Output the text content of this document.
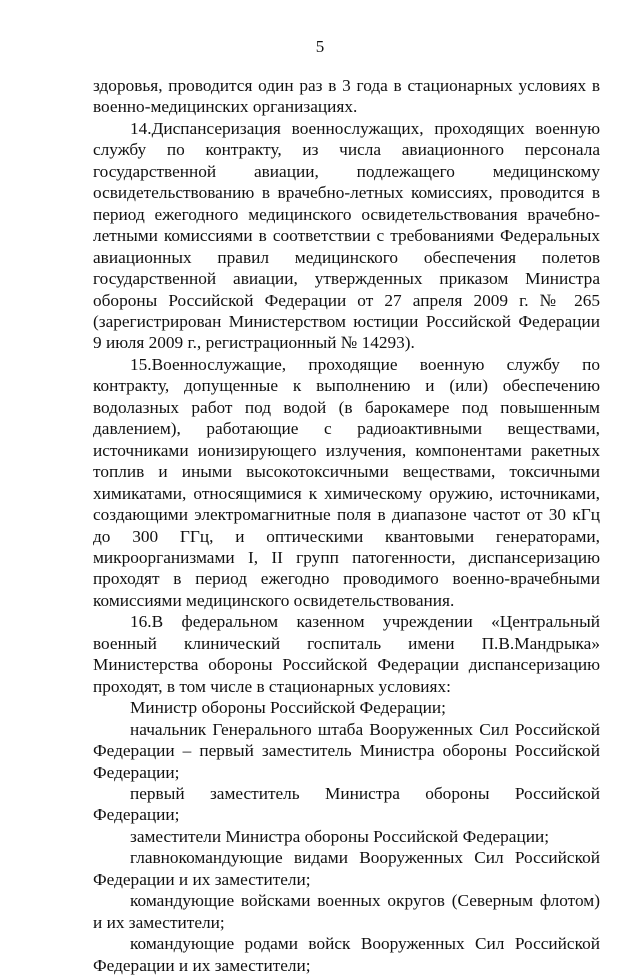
5

здоровья, проводится один раз в 3 года в стационарных условиях в военно-медицинских организациях.

14.Диспансеризация военнослужащих, проходящих военную службу по контракту, из числа авиационного персонала государственной авиации, подлежащего медицинскому освидетельствованию в врачебно-летных комиссиях, проводится в период ежегодного медицинского освидетельствования врачебно-летными комиссиями в соответствии с требованиями Федеральных авиационных правил медицинского обеспечения полетов государственной авиации, утвержденных приказом Министра обороны Российской Федерации от 27 апреля 2009 г. № 265 (зарегистрирован Министерством юстиции Российской Федерации 9 июля 2009 г., регистрационный № 14293).

15.Военнослужащие, проходящие военную службу по контракту, допущенные к выполнению и (или) обеспечению водолазных работ под водой (в барокамере под повышенным давлением), работающие с радиоактивными веществами, источниками ионизирующего излучения, компонентами ракетных топлив и иными высокотоксичными веществами, токсичными химикатами, относящимися к химическому оружию, источниками, создающими электромагнитные поля в диапазоне частот от 30 кГц до 300 ГГц, и оптическими квантовыми генераторами, микроорганизмами I, II групп патогенности, диспансеризацию проходят в период ежегодно проводимого военно-врачебными комиссиями медицинского освидетельствования.

16.В федеральном казенном учреждении «Центральный военный клинический госпиталь имени П.В.Мандрыка» Министерства обороны Российской Федерации диспансеризацию проходят, в том числе в стационарных условиях:

Министр обороны Российской Федерации;

начальник Генерального штаба Вооруженных Сил Российской Федерации – первый заместитель Министра обороны Российской Федерации;

первый заместитель Министра обороны Российской Федерации;

заместители Министра обороны Российской Федерации;

главнокомандующие видами Вооруженных Сил Российской Федерации и их заместители;

командующие войсками военных округов (Северным флотом) и их заместители;

командующие родами войск Вооруженных Сил Российской Федерации и их заместители;
